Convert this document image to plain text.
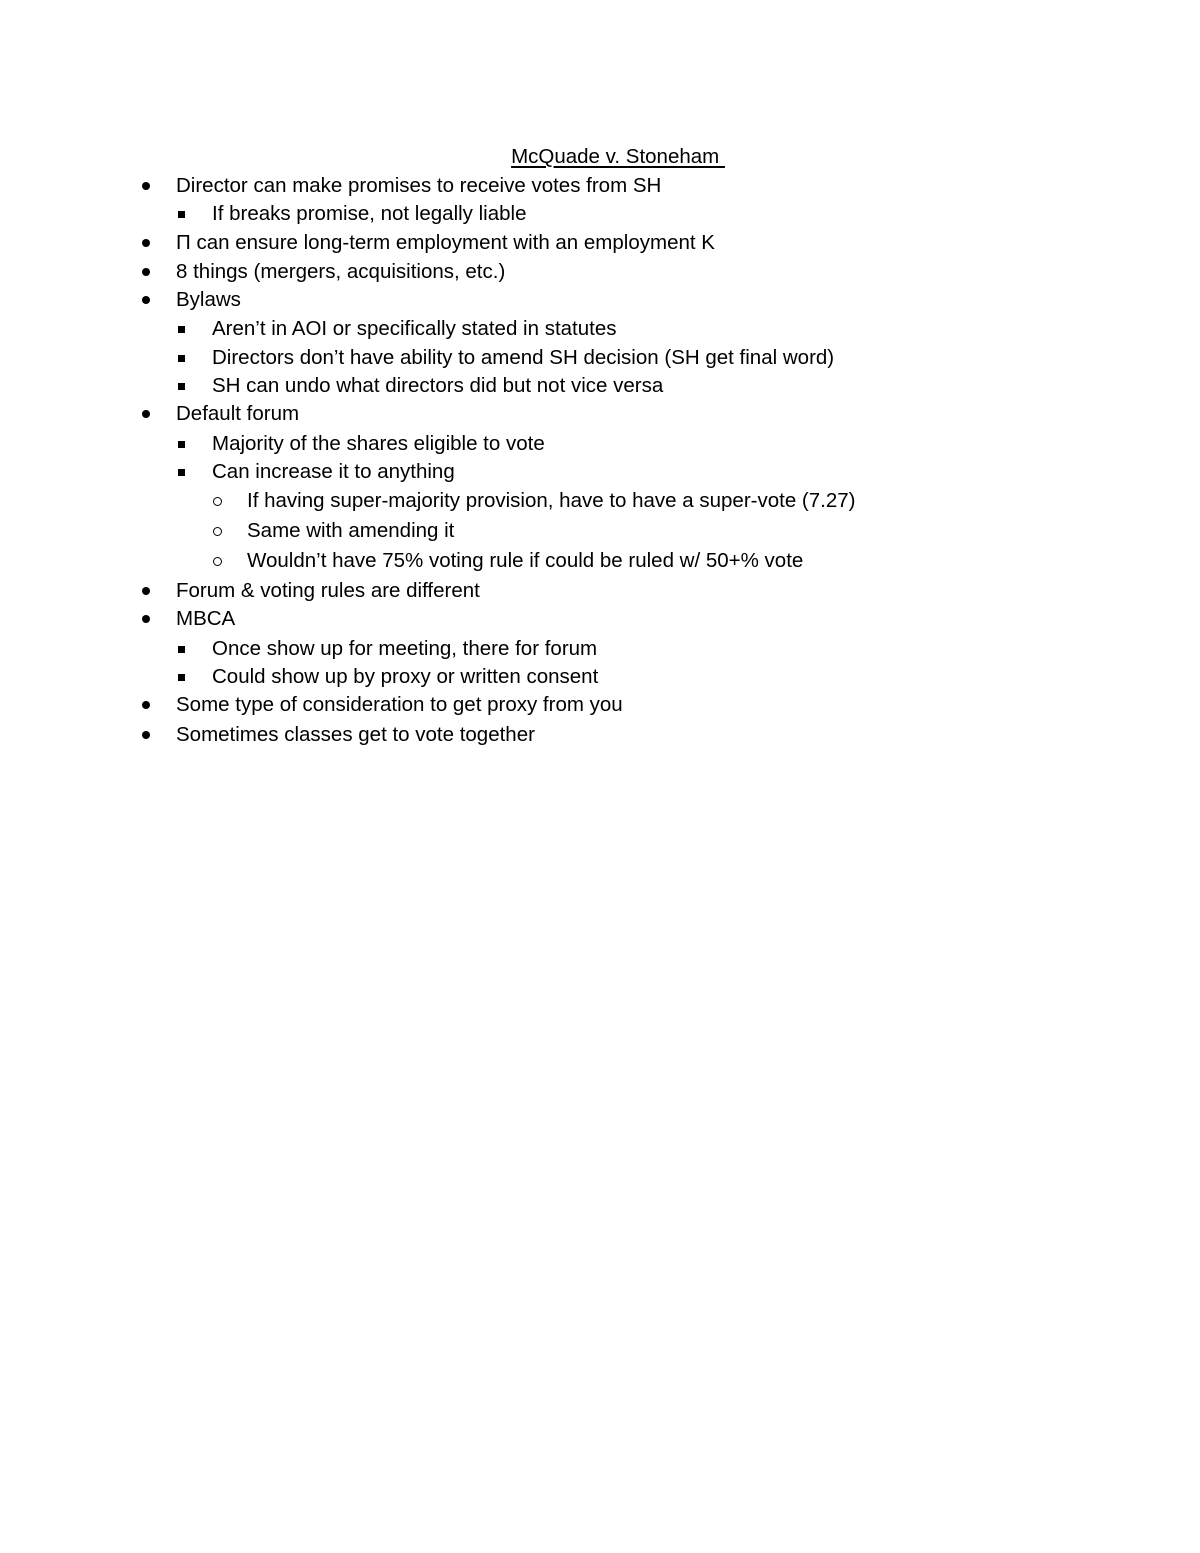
McQuade v. Stoneham
Director can make promises to receive votes from SH
If breaks promise, not legally liable
Π can ensure long-term employment with an employment K
8 things (mergers, acquisitions, etc.)
Bylaws
Aren’t in AOI or specifically stated in statutes
Directors don’t have ability to amend SH decision (SH get final word)
SH can undo what directors did but not vice versa
Default forum
Majority of the shares eligible to vote
Can increase it to anything
If having super-majority provision, have to have a super-vote (7.27)
Same with amending it
Wouldn’t have 75% voting rule if could be ruled w/ 50+% vote
Forum & voting rules are different
MBCA
Once show up for meeting, there for forum
Could show up by proxy or written consent
Some type of consideration to get proxy from you
Sometimes classes get to vote together
